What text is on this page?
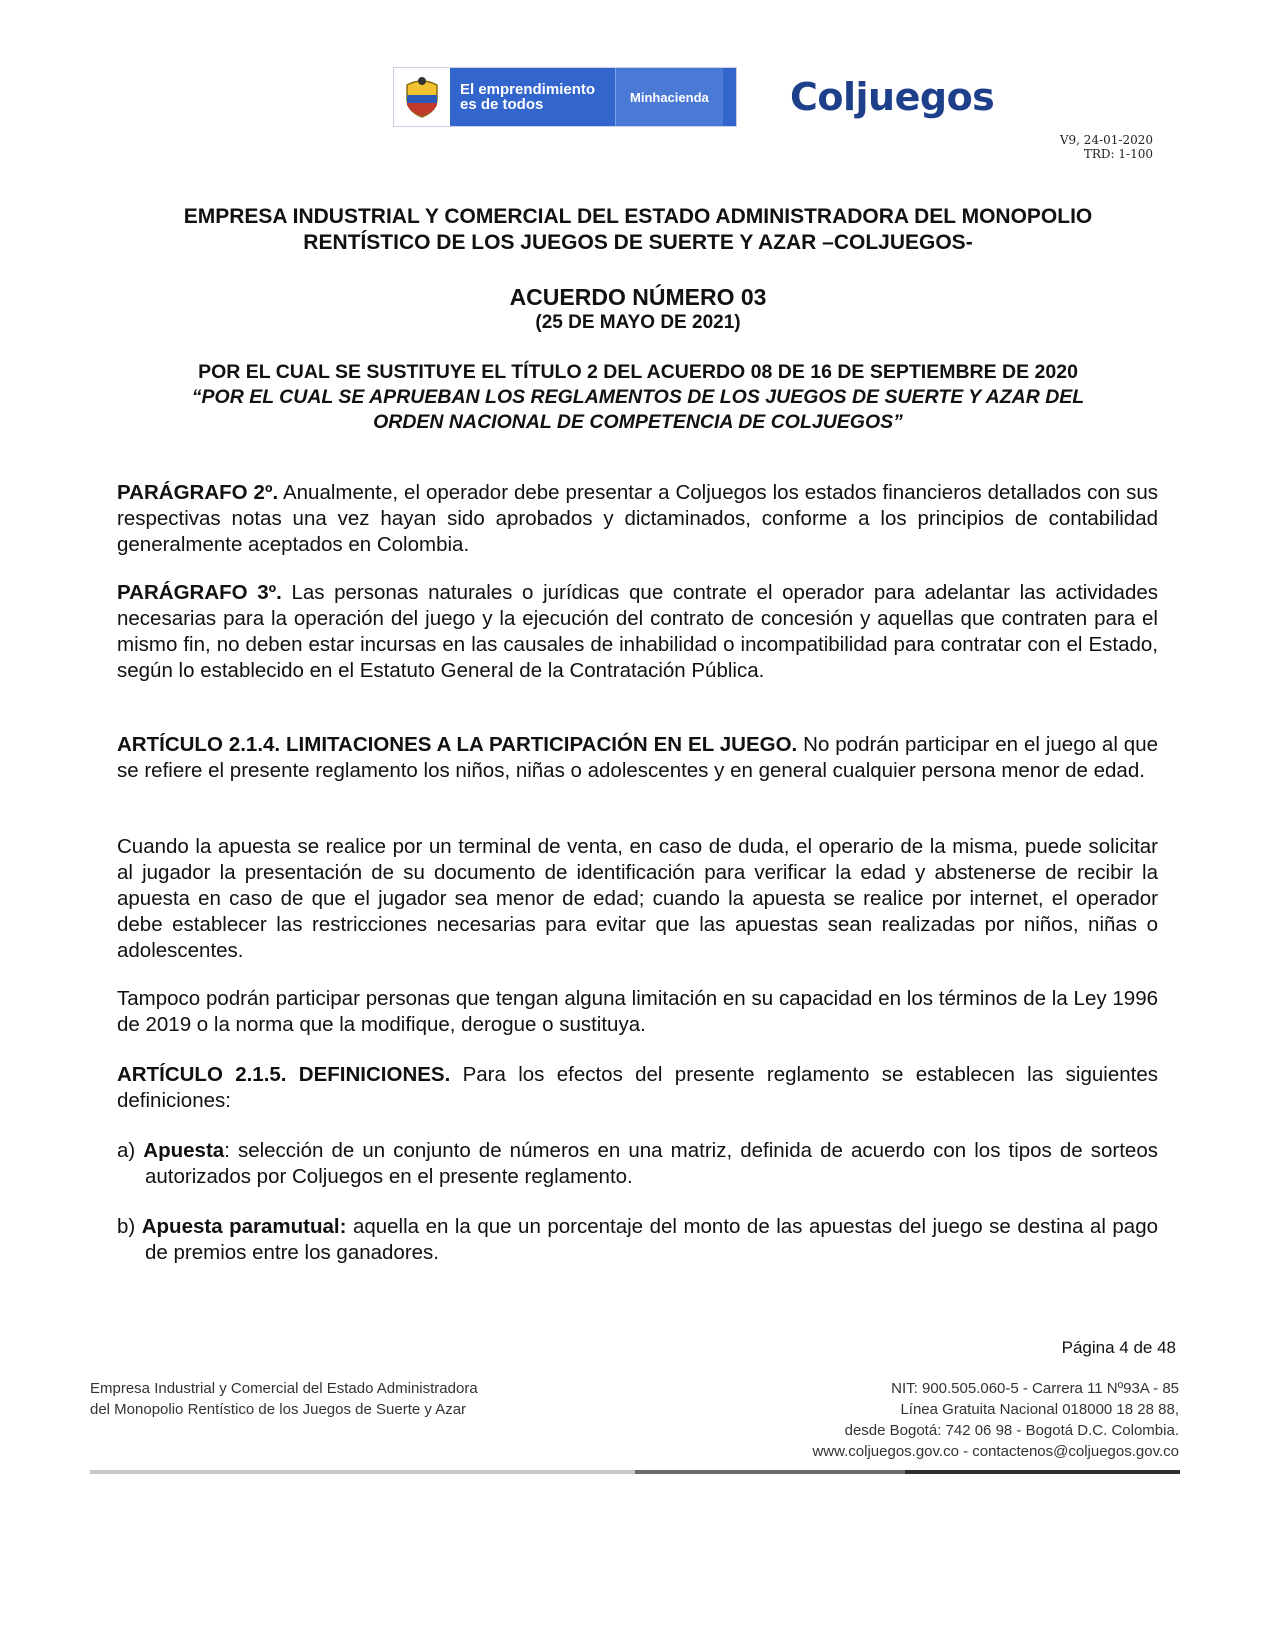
El emprendimiento
es de todos	Minhacienda	Coljuegos
V9, 24-01-2020
TRD: 1-100
EMPRESA INDUSTRIAL Y COMERCIAL DEL ESTADO ADMINISTRADORA DEL MONOPOLIO
RENTÍSTICO DE LOS JUEGOS DE SUERTE Y AZAR –COLJUEGOS-
ACUERDO NÚMERO 03
(25 DE MAYO DE 2021)
POR EL CUAL SE SUSTITUYE EL TÍTULO 2 DEL ACUERDO 08 DE 16 DE SEPTIEMBRE DE 2020
“POR EL CUAL SE APRUEBAN LOS REGLAMENTOS DE LOS JUEGOS DE SUERTE Y AZAR DEL
ORDEN NACIONAL DE COMPETENCIA DE COLJUEGOS”
PARÁGRAFO 2º. Anualmente, el operador debe presentar a Coljuegos los estados financieros detallados con sus respectivas notas una vez hayan sido aprobados y dictaminados, conforme a los principios de contabilidad generalmente aceptados en Colombia.
PARÁGRAFO 3º. Las personas naturales o jurídicas que contrate el operador para adelantar las actividades necesarias para la operación del juego y la ejecución del contrato de concesión y aquellas que contraten para el mismo fin, no deben estar incursas en las causales de inhabilidad o incompatibilidad para contratar con el Estado, según lo establecido en el Estatuto General de la Contratación Pública.
ARTÍCULO 2.1.4. LIMITACIONES A LA PARTICIPACIÓN EN EL JUEGO. No podrán participar en el juego al que se refiere el presente reglamento los niños, niñas o adolescentes y en general cualquier persona menor de edad.
Cuando la apuesta se realice por un terminal de venta, en caso de duda, el operario de la misma, puede solicitar al jugador la presentación de su documento de identificación para verificar la edad y abstenerse de recibir la apuesta en caso de que el jugador sea menor de edad; cuando la apuesta se realice por internet, el operador debe establecer las restricciones necesarias para evitar que las apuestas sean realizadas por niños, niñas o adolescentes.
Tampoco podrán participar personas que tengan alguna limitación en su capacidad en los términos de la Ley 1996 de 2019 o la norma que la modifique, derogue o sustituya.
ARTÍCULO 2.1.5. DEFINICIONES. Para los efectos del presente reglamento se establecen las siguientes definiciones:
a) Apuesta: selección de un conjunto de números en una matriz, definida de acuerdo con los tipos de sorteos autorizados por Coljuegos en el presente reglamento.
b) Apuesta paramutual: aquella en la que un porcentaje del monto de las apuestas del juego se destina al pago de premios entre los ganadores.
Página 4 de 48
Empresa Industrial y Comercial del Estado Administradora
del Monopolio Rentístico de los Juegos de Suerte y Azar
NIT: 900.505.060-5 - Carrera 11 Nº93A - 85
Línea Gratuita Nacional 018000 18 28 88,
desde Bogotá: 742 06 98 - Bogotá D.C. Colombia.
www.coljuegos.gov.co - contactenos@coljuegos.gov.co
